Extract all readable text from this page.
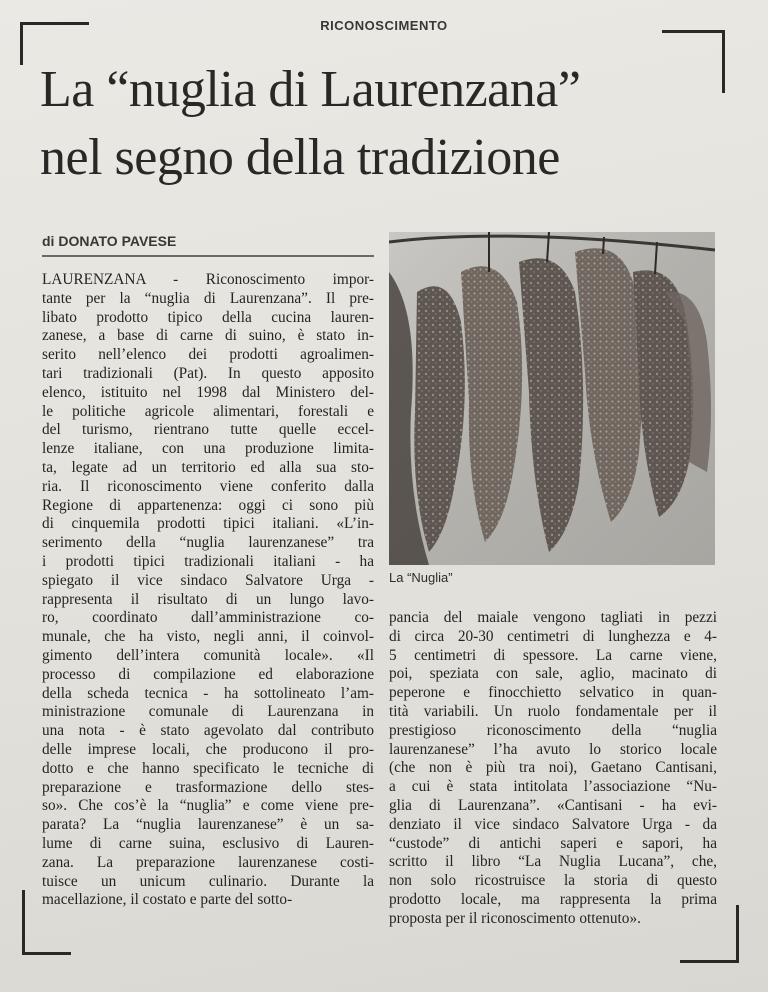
RICONOSCIMENTO
La “nuglia di Laurenzana”
nel segno della tradizione
di DONATO PAVESE
La “Nuglia”
LAURENZANA - Riconoscimento impor-
tante per la “nuglia di Laurenzana”. Il pre-
libato prodotto tipico della cucina lauren-
zanese, a base di carne di suino, è stato in-
serito nell’elenco dei prodotti agroalimen-
tari tradizionali (Pat). In questo apposito
elenco, istituito nel 1998 dal Ministero del-
le politiche agricole alimentari, forestali e
del turismo, rientrano tutte quelle eccel-
lenze italiane, con una produzione limita-
ta, legate ad un territorio ed alla sua sto-
ria. Il riconoscimento viene conferito dalla
Regione di appartenenza: oggi ci sono più
di cinquemila prodotti tipici italiani. «L’in-
serimento della “nuglia laurenzanese” tra
i prodotti tipici tradizionali italiani - ha
spiegato il vice sindaco Salvatore Urga -
rappresenta il risultato di un lungo lavo-
ro, coordinato dall’amministrazione co-
munale, che ha visto, negli anni, il coinvol-
gimento dell’intera comunità locale». «Il
processo di compilazione ed elaborazione
della scheda tecnica - ha sottolineato l’am-
ministrazione comunale di Laurenzana in
una nota - è stato agevolato dal contributo
delle imprese locali, che producono il pro-
dotto e che hanno specificato le tecniche di
preparazione e trasformazione dello stes-
so». Che cos’è la “nuglia” e come viene pre-
parata? La “nuglia laurenzanese” è un sa-
lume di carne suina, esclusivo di Lauren-
zana. La preparazione laurenzanese costi-
tuisce un unicum culinario. Durante la
macellazione, il costato e parte del sotto-
pancia del maiale vengono tagliati in pezzi
di circa 20-30 centimetri di lunghezza e 4-
5 centimetri di spessore. La carne viene,
poi, speziata con sale, aglio, macinato di
peperone e finocchietto selvatico in quan-
tità variabili. Un ruolo fondamentale per il
prestigioso riconoscimento della “nuglia
laurenzanese” l’ha avuto lo storico locale
(che non è più tra noi), Gaetano Cantisani,
a cui è stata intitolata l’associazione “Nu-
glia di Laurenzana”. «Cantisani - ha evi-
denziato il vice sindaco Salvatore Urga - da
“custode” di antichi saperi e sapori, ha
scritto il libro “La Nuglia Lucana”, che,
non solo ricostruisce la storia di questo
prodotto locale, ma rappresenta la prima
proposta per il riconoscimento ottenuto».
